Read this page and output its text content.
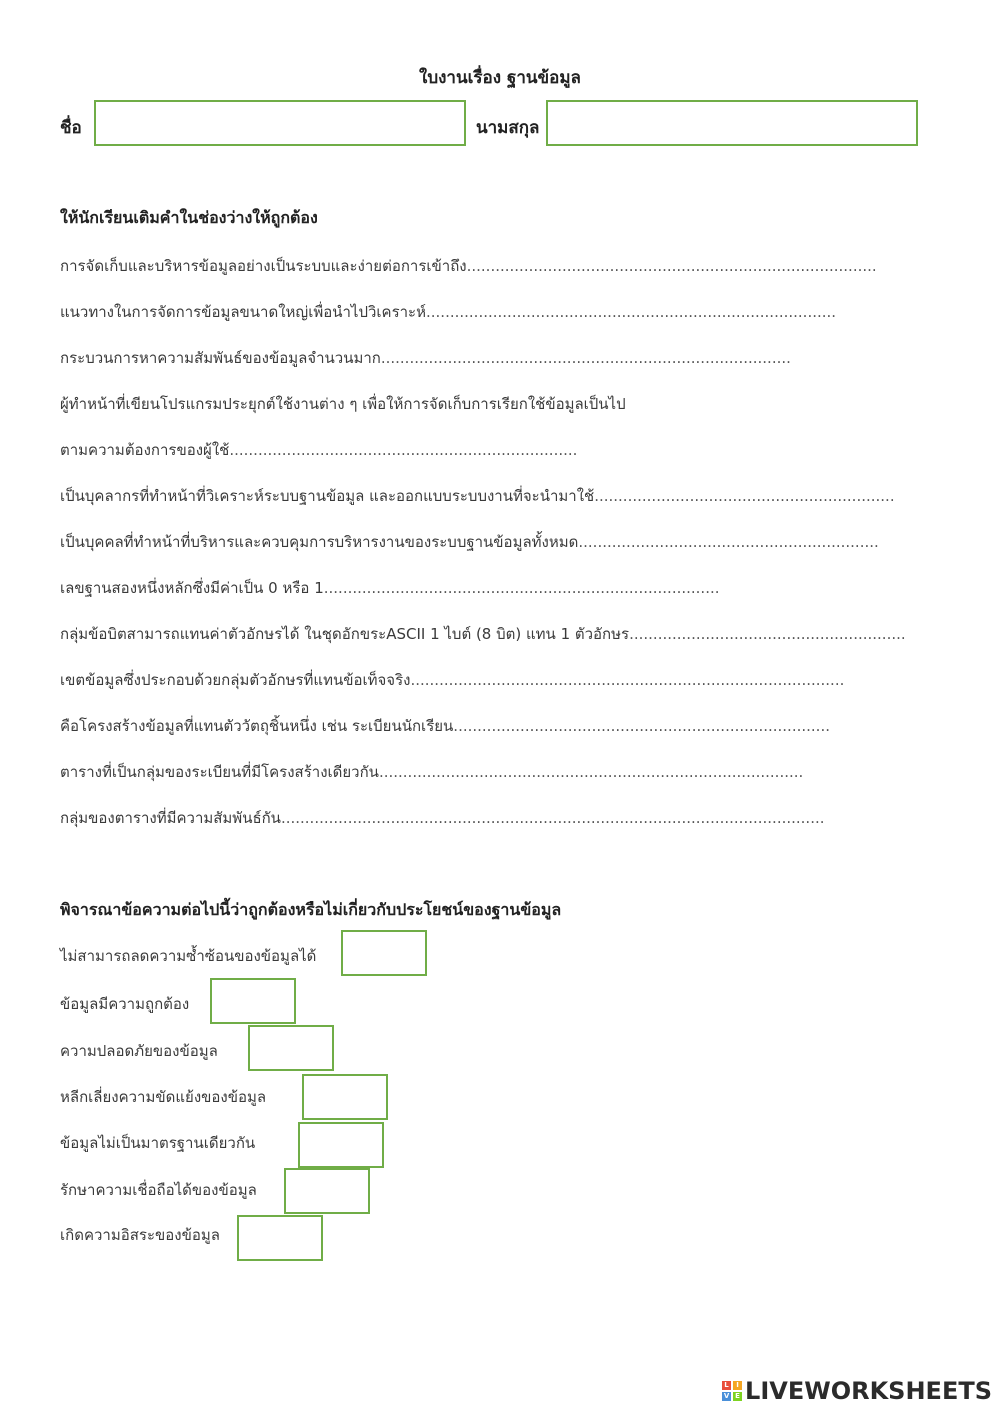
ใบงานเรื่อง ฐานข้อมูล
ชื่อ	นามสกุล
ให้นักเรียนเติมคำในช่องว่างให้ถูกต้อง
การจัดเก็บและบริหารข้อมูลอย่างเป็นระบบและง่ายต่อการเข้าถึง......................................................................................
แนวทางในการจัดการข้อมูลขนาดใหญ่เพื่อนำไปวิเคราะห์......................................................................................
กระบวนการหาความสัมพันธ์ของข้อมูลจำนวนมาก......................................................................................
ผู้ทำหน้าที่เขียนโปรแกรมประยุกต์ใช้งานต่าง ๆ เพื่อให้การจัดเก็บการเรียกใช้ข้อมูลเป็นไป
ตามความต้องการของผู้ใช้.........................................................................
เป็นบุคลากรที่ทำหน้าที่วิเคราะห์ระบบฐานข้อมูล และออกแบบระบบงานที่จะนำมาใช้...............................................................
เป็นบุคคลที่ทำหน้าที่บริหารและควบคุมการบริหารงานของระบบฐานข้อมูลทั้งหมด...............................................................
เลขฐานสองหนึ่งหลักซึ่งมีค่าเป็น 0 หรือ 1...................................................................................
กลุ่มข้อบิตสามารถแทนค่าตัวอักษรได้ ในชุดอักขระASCII 1 ไบต์ (8 บิต) แทน 1 ตัวอักษร..........................................................
เขตข้อมูลซึ่งประกอบด้วยกลุ่มตัวอักษรที่แทนข้อเท็จจริง...........................................................................................
คือโครงสร้างข้อมูลที่แทนตัววัตถุชิ้นหนึ่ง เช่น ระเบียนนักเรียน...............................................................................
ตารางที่เป็นกลุ่มของระเบียนที่มีโครงสร้างเดียวกัน.........................................................................................
กลุ่มของตารางที่มีความสัมพันธ์กัน..................................................................................................................
พิจารณาข้อความต่อไปนี้ว่าถูกต้องหรือไม่เกี่ยวกับประโยชน์ของฐานข้อมูล
ไม่สามารถลดความซ้ำซ้อนของข้อมูลได้
ข้อมูลมีความถูกต้อง
ความปลอดภัยของข้อมูล
หลีกเลี่ยงความขัดแย้งของข้อมูล
ข้อมูลไม่เป็นมาตรฐานเดียวกัน
รักษาความเชื่อถือได้ของข้อมูล
เกิดความอิสระของข้อมูล
L	I
V E LIVEWORKSHEETS
